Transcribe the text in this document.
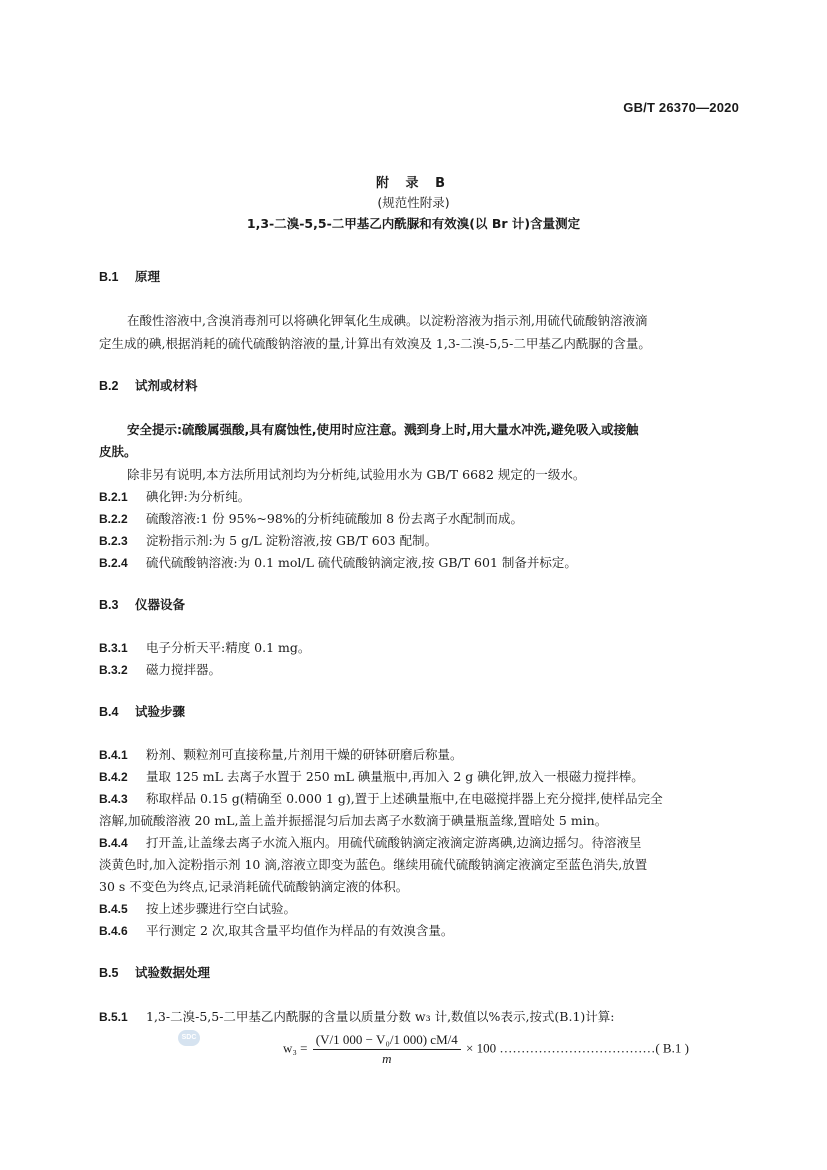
GB/T 26370—2020
附 录 B
(规范性附录)
1,3-二溴-5,5-二甲基乙内酰脲和有效溴(以 Br 计)含量测定
B.1 原理
在酸性溶液中,含溴消毒剂可以将碘化钾氧化生成碘。以淀粉溶液为指示剂,用硫代硫酸钠溶液滴
定生成的碘,根据消耗的硫代硫酸钠溶液的量,计算出有效溴及 1,3-二溴-5,5-二甲基乙内酰脲的含量。
B.2 试剂或材料
安全提示:硫酸属强酸,具有腐蚀性,使用时应注意。溅到身上时,用大量水冲洗,避免吸入或接触
皮肤。
除非另有说明,本方法所用试剂均为分析纯,试验用水为 GB/T 6682 规定的一级水。
B.2.1 碘化钾:为分析纯。
B.2.2 硫酸溶液:1 份 95%~98%的分析纯硫酸加 8 份去离子水配制而成。
B.2.3 淀粉指示剂:为 5 g/L 淀粉溶液,按 GB/T 603 配制。
B.2.4 硫代硫酸钠溶液:为 0.1 mol/L 硫代硫酸钠滴定液,按 GB/T 601 制备并标定。
B.3 仪器设备
B.3.1 电子分析天平:精度 0.1 mg。
B.3.2 磁力搅拌器。
B.4 试验步骤
B.4.1 粉剂、颗粒剂可直接称量,片剂用干燥的研钵研磨后称量。
B.4.2 量取 125 mL 去离子水置于 250 mL 碘量瓶中,再加入 2 g 碘化钾,放入一根磁力搅拌棒。
B.4.3 称取样品 0.15 g(精确至 0.000 1 g),置于上述碘量瓶中,在电磁搅拌器上充分搅拌,使样品完全
溶解,加硫酸溶液 20 mL,盖上盖并振摇混匀后加去离子水数滴于碘量瓶盖缘,置暗处 5 min。
B.4.4 打开盖,让盖缘去离子水流入瓶内。用硫代硫酸钠滴定液滴定游离碘,边滴边摇匀。待溶液呈
淡黄色时,加入淀粉指示剂 10 滴,溶液立即变为蓝色。继续用硫代硫酸钠滴定液滴定至蓝色消失,放置
30 s 不变色为终点,记录消耗硫代硫酸钠滴定液的体积。
B.4.5 按上述步骤进行空白试验。
B.4.6 平行测定 2 次,取其含量平均值作为样品的有效溴含量。
B.5 试验数据处理
B.5.1 1,3-二溴-5,5-二甲基乙内酰脲的含量以质量分数 w₃ 计,数值以%表示,按式(B.1)计算:
SDC
$w_3 = \frac{\text{(V/1 000 − V₀/1 000) cM/4}}{m} \times 100$ ………………………………( B.1 )
